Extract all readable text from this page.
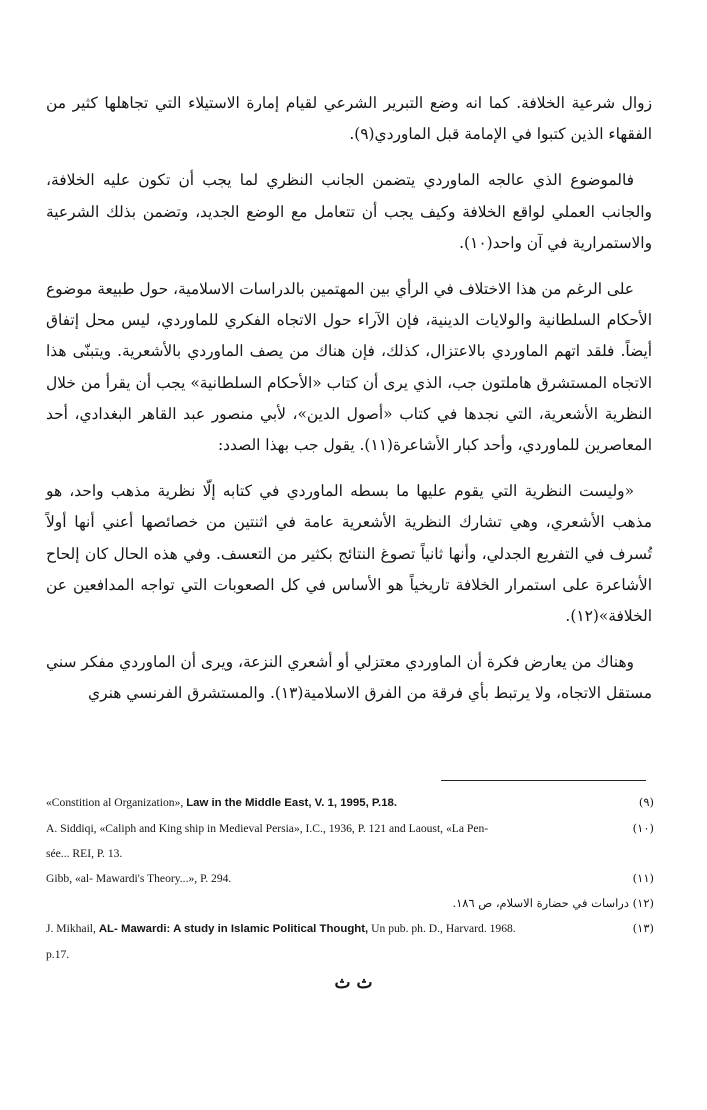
زوال شرعية الخلافة. كما انه وضع التبرير الشرعي لقيام إمارة الاستيلاء التي تجاهلها كثير من الفقهاء الذين كتبوا في الإمامة قبل الماوردي(٩).

فالموضوع الذي عالجه الماوردي يتضمن الجانب النظري لما يجب أن تكون عليه الخلافة، والجانب العملي لواقع الخلافة وكيف يجب أن تتعامل مع الوضع الجديد، وتضمن بذلك الشرعية والاستمرارية في آن واحد(١٠).

على الرغم من هذا الاختلاف في الرأي بين المهتمين بالدراسات الاسلامية، حول طبيعة موضوع الأحكام السلطانية والولايات الدينية، فإن الآراء حول الاتجاه الفكري للماوردي، ليس محل إتفاق أيضاً. فلقد اتهم الماوردي بالاعتزال، كذلك، فإن هناك من يصف الماوردي بالأشعرية. ويتبنّى هذا الاتجاه المستشرق هاملتون جب، الذي يرى أن كتاب «الأحكام السلطانية» يجب أن يقرأ من خلال النظرية الأشعرية، التي نجدها في كتاب «أصول الدين»، لأبي منصور عبد القاهر البغدادي، أحد المعاصرين للماوردي، وأحد كبار الأشاعرة(١١). يقول جب بهذا الصدد:

«وليست النظرية التي يقوم عليها ما بسطه الماوردي في كتابه إلّا نظرية مذهب واحد، هو مذهب الأشعري، وهي تشارك النظرية الأشعرية عامة في اثنتين من خصائصها أعني أنها أولاً تُسرف في التفريع الجدلي، وأنها ثانياً تصوغ النتائج بكثير من التعسف. وفي هذه الحال كان إلحاح الأشاعرة على استمرار الخلافة تاريخياً هو الأساس في كل الصعوبات التي تواجه المدافعين عن الخلافة»(١٢).

وهناك من يعارض فكرة أن الماوردي معتزلي أو أشعري النزعة، ويرى أن الماوردي مفكر سني مستقل الاتجاه، ولا يرتبط بأي فرقة من الفرق الاسلامية(١٣). والمستشرق الفرنسي هنري

(٩)
«Constition al Organization», Law in the Middle East, V. 1, 1995, P.18.
(١٠)
A. Siddiqi, «Caliph and King ship in Medieval Persia», I.C., 1936, P. 121 and Laoust, «La Pen-
sée... REI, P. 13.
(١١)
Gibb, «al- Mawardi's Theory...», P. 294.
(١٢) دراسات في حضارة الاسلام، ص ١٨٦.
(١٣)
J. Mikhail, AL- Mawardi: A study in Islamic Political Thought, Un pub. ph. D., Harvard. 1968.
p.17.
ث ث
